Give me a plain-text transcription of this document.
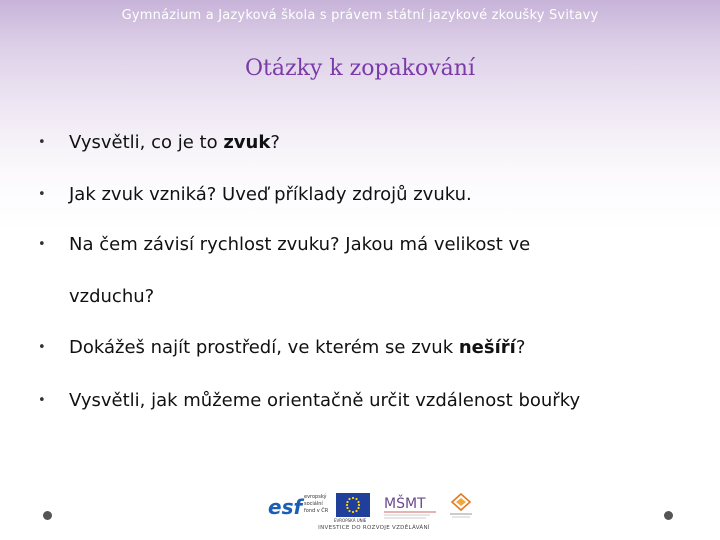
Gymnázium a Jazyková škola s právem státní jazykové zkoušky Svitavy
Otázky k zopakování
• Vysvětli, co je to zvuk?
• Jak zvuk vzniká? Uveď příklady zdrojů zvuku.
• Na čem závisí rychlost zvuku? Jakou má velikost ve
vzduchu?
• Dokážeš najít prostředí, ve kterém se zvuk nešíří?
• Vysvětli, jak můžeme orientačně určit vzdálenost bouřky
esf evropský sociální fond v ČR
EVROPSKÁ UNIE
MŠMT
INVESTICE DO ROZVOJE VZDĚLÁVÁNÍ
